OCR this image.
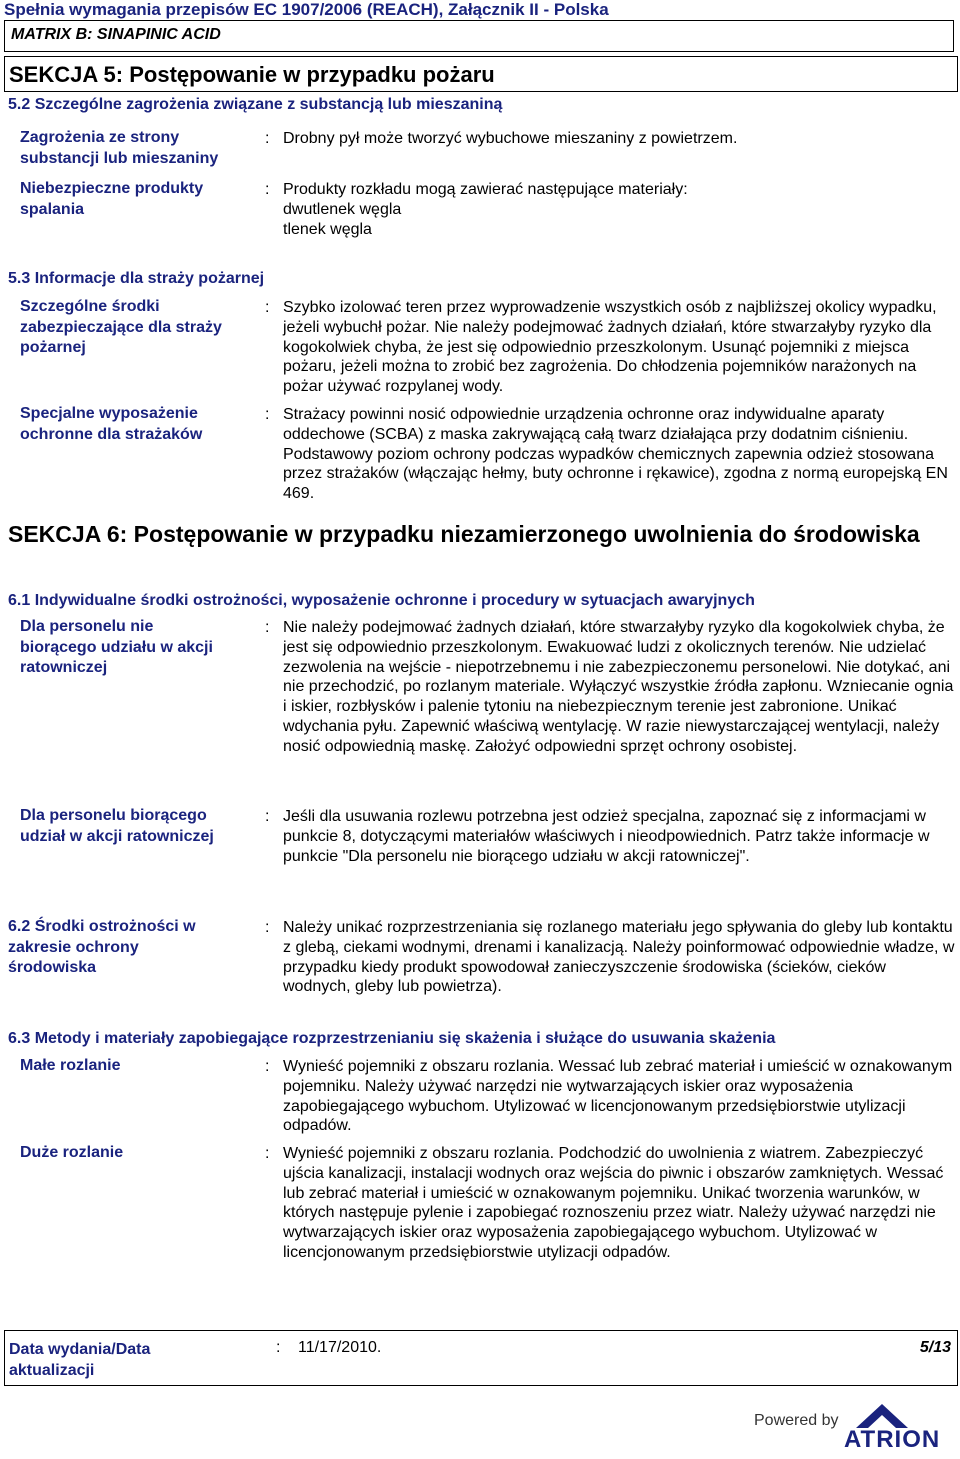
Spełnia wymagania przepisów EC 1907/2006 (REACH), Załącznik II - Polska
MATRIX B: SINAPINIC ACID
SEKCJA 5: Postępowanie w przypadku pożaru
5.2 Szczególne zagrożenia związane z substancją lub mieszaniną
Zagrożenia ze strony
substancji lub mieszaniny
: Drobny pył może tworzyć wybuchowe mieszaniny z powietrzem.
Niebezpieczne produkty
spalania
: Produkty rozkładu mogą zawierać następujące materiały:
dwutlenek węgla
tlenek węgla
5.3 Informacje dla straży pożarnej
Szczególne środki
zabezpieczające dla straży
pożarnej
: Szybko izolować teren przez wyprowadzenie wszystkich osób z najbliższej okolicy wypadku, jeżeli wybuchł pożar. Nie należy podejmować żadnych działań, które stwarzałyby ryzyko dla kogokolwiek chyba, że jest się odpowiednio przeszkolonym. Usunąć pojemniki z miejsca pożaru, jeżeli można to zrobić bez zagrożenia. Do chłodzenia pojemników narażonych na pożar używać rozpylanej wody.
Specjalne wyposażenie
ochronne dla strażaków
: Strażacy powinni nosić odpowiednie urządzenia ochronne oraz indywidualne aparaty oddechowe (SCBA) z maska zakrywającą całą twarz działająca przy dodatnim ciśnieniu. Podstawowy poziom ochrony podczas wypadków chemicznych zapewnia odzież stosowana przez strażaków (włączając hełmy, buty ochronne i rękawice), zgodna z normą europejską EN 469.
SEKCJA 6: Postępowanie w przypadku niezamierzonego uwolnienia do środowiska
6.1 Indywidualne środki ostrożności, wyposażenie ochronne i procedury w sytuacjach awaryjnych
Dla personelu nie
biorącego udziału w akcji
ratowniczej
: Nie należy podejmować żadnych działań, które stwarzałyby ryzyko dla kogokolwiek chyba, że jest się odpowiednio przeszkolonym. Ewakuować ludzi z okolicznych terenów. Nie udzielać zezwolenia na wejście - niepotrzebnemu i nie zabezpieczonemu personelowi. Nie dotykać, ani nie przechodzić, po rozlanym materiale. Wyłączyć wszystkie źródła zapłonu. Wzniecanie ognia i iskier, rozbłysków i palenie tytoniu na niebezpiecznym terenie jest zabronione. Unikać wdychania pyłu. Zapewnić właściwą wentylację. W razie niewystarczającej wentylacji, należy nosić odpowiednią maskę. Założyć odpowiedni sprzęt ochrony osobistej.
Dla personelu biorącego
udział w akcji ratowniczej
: Jeśli dla usuwania rozlewu potrzebna jest odzież specjalna, zapoznać się z informacjami w punkcie 8, dotyczącymi materiałów właściwych i nieodpowiednich. Patrz także informacje w punkcie "Dla personelu nie biorącego udziału w akcji ratowniczej".
6.2 Środki ostrożności w
zakresie ochrony
środowiska
: Należy unikać rozprzestrzeniania się rozlanego materiału jego spływania do gleby lub kontaktu z glebą, ciekami wodnymi, drenami i kanalizacją. Należy poinformować odpowiednie władze, w przypadku kiedy produkt spowodował zanieczyszczenie środowiska (ścieków, cieków wodnych, gleby lub powietrza).
6.3 Metody i materiały zapobiegające rozprzestrzenianiu się skażenia i służące do usuwania skażenia
Małe rozlanie	: Wynieść pojemniki z obszaru rozlania. Wessać lub zebrać materiał i umieścić w oznakowanym pojemniku. Należy używać narzędzi nie wytwarzających iskier oraz wyposażenia zapobiegającego wybuchom. Utylizować w licencjonowanym przedsiębiorstwie utylizacji odpadów.
Duże rozlanie	: Wynieść pojemniki z obszaru rozlania. Podchodzić do uwolnienia z wiatrem. Zabezpieczyć ujścia kanalizacji, instalacji wodnych oraz wejścia do piwnic i obszarów zamkniętych. Wessać lub zebrać materiał i umieścić w oznakowanym pojemniku. Unikać tworzenia warunków, w których następuje pylenie i zapobiegać roznoszeniu przez wiatr. Należy używać narzędzi nie wytwarzających iskier oraz wyposażenia zapobiegającego wybuchom. Utylizować w licencjonowanym przedsiębiorstwie utylizacji odpadów.
Data wydania/Data
aktualizacji
: 11/17/2010.	5/13
Powered by
ATRION
